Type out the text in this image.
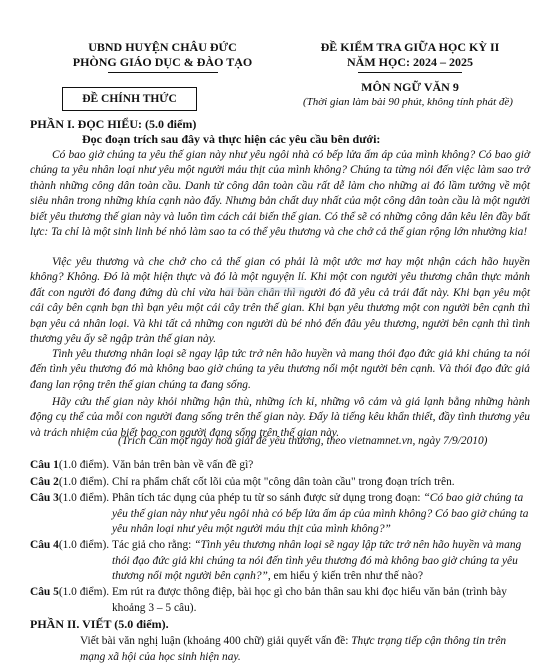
UBND HUYỆN CHÂU ĐỨC
PHÒNG GIÁO DỤC & ĐÀO TẠO
ĐỀ CHÍNH THỨC
ĐỀ KIỂM TRA GIỮA HỌC KỲ II
NĂM HỌC: 2024 – 2025
MÔN NGỮ VĂN 9
(Thời gian làm bài 90 phút, không tính phát đề)
PHẦN I. ĐỌC HIỂU: (5.0 điểm)
Đọc đoạn trích sau đây và thực hiện các yêu cầu bên dưới:
Có bao giờ chúng ta yêu thế gian này như yêu ngôi nhà có bếp lửa ấm áp của mình không? Có bao giờ chúng ta yêu nhân loại như yêu một người máu thịt của mình không? Chúng ta từng nói đến việc làm sao trở thành những công dân toàn cầu. Danh từ công dân toàn cầu rất dễ làm cho những ai đó lầm tưởng về một siêu nhân trong những khía cạnh nào đấy. Nhưng bản chất duy nhất của một công dân toàn cầu là một người biết yêu thương thế gian này và luôn tìm cách cải biến thế gian. Có thể sẽ có những công dân kêu lên đầy bất lực: Ta chỉ là một sinh linh bé nhỏ làm sao ta có thể yêu thương và che chở cả thế gian rộng lớn nhường kia!
Việc yêu thương và che chở cho cả thế gian có phải là một ước mơ hay một nhận cách hão huyền không? Không. Đó là một hiện thực và đó là một nguyện lí. Khi một con người yêu thương chân thực mảnh đất con người đó đang đứng dù chỉ vừa hai bàn chân thì người đó đã yêu cả trái đất này. Khi bạn yêu một cái cây bên cạnh bạn thì bạn yêu một cái cây trên thế gian. Khi bạn yêu thương một con người bên cạnh thì bạn yêu cả nhân loại. Và khi tất cả những con người dù bé nhỏ đến đâu yêu thương, người bên cạnh thì tình thương yêu ấy sẽ ngập tràn thế gian này.
Tình yêu thương nhân loại sẽ ngay lập tức trở nên hão huyền và mang thói đạo đức giả khi chúng ta nói đến tình yêu thương đó mà không bao giờ chúng ta yêu thương nổi một người bên cạnh. Và thói đạo đức giả đang lan rộng trên thế gian chúng ta đang sống.
Hãy cứu thế gian này khỏi những hận thù, những ích kỉ, những vô cảm và giá lạnh bằng những hành động cụ thể của mỗi con người đang sống trên thế gian này. Đấy là tiếng kêu khẩn thiết, đầy tình thương yêu và trách nhiệm của biết bao con người đang sống trên thế gian này.
(Trích Cần một ngày hoà giải để yêu thương, theo vietnamnet.vn, ngày 7/9/2010)
Câu 1(1.0 điểm). Văn bản trên bàn về vấn đề gì?
Câu 2(1.0 điểm). Chỉ ra phẩm chất cốt lõi của một "công dân toàn cầu" trong đoạn trích trên.
Câu 3(1.0 điểm). Phân tích tác dụng của phép tu từ so sánh được sử dụng trong đoạn: “Có bao giờ chúng ta yêu thế gian này như yêu ngôi nhà có bếp lửa ấm áp của mình không? Có bao giờ chúng ta yêu nhân loại như yêu một người máu thịt của mình không?”
Câu 4(1.0 điểm). Tác giả cho rằng: “Tình yêu thương nhân loại sẽ ngay lập tức trở nên hão huyền và mang thói đạo đức giả khi chúng ta nói đến tình yêu thương đó mà không bao giờ chúng ta yêu thương nổi một người bên cạnh?”, em hiểu ý kiến trên như thế nào?
Câu 5(1.0 điểm). Em rút ra được thông điệp, bài học gì cho bản thân sau khi đọc hiểu văn bản (trình bày khoảng 3 – 5 câu).
PHẦN II. VIẾT (5.0 điểm).
Viết bài văn nghị luận (khoảng 400 chữ) giải quyết vấn đề: Thực trạng tiếp cận thông tin trên mạng xã hội của học sinh hiện nay.
